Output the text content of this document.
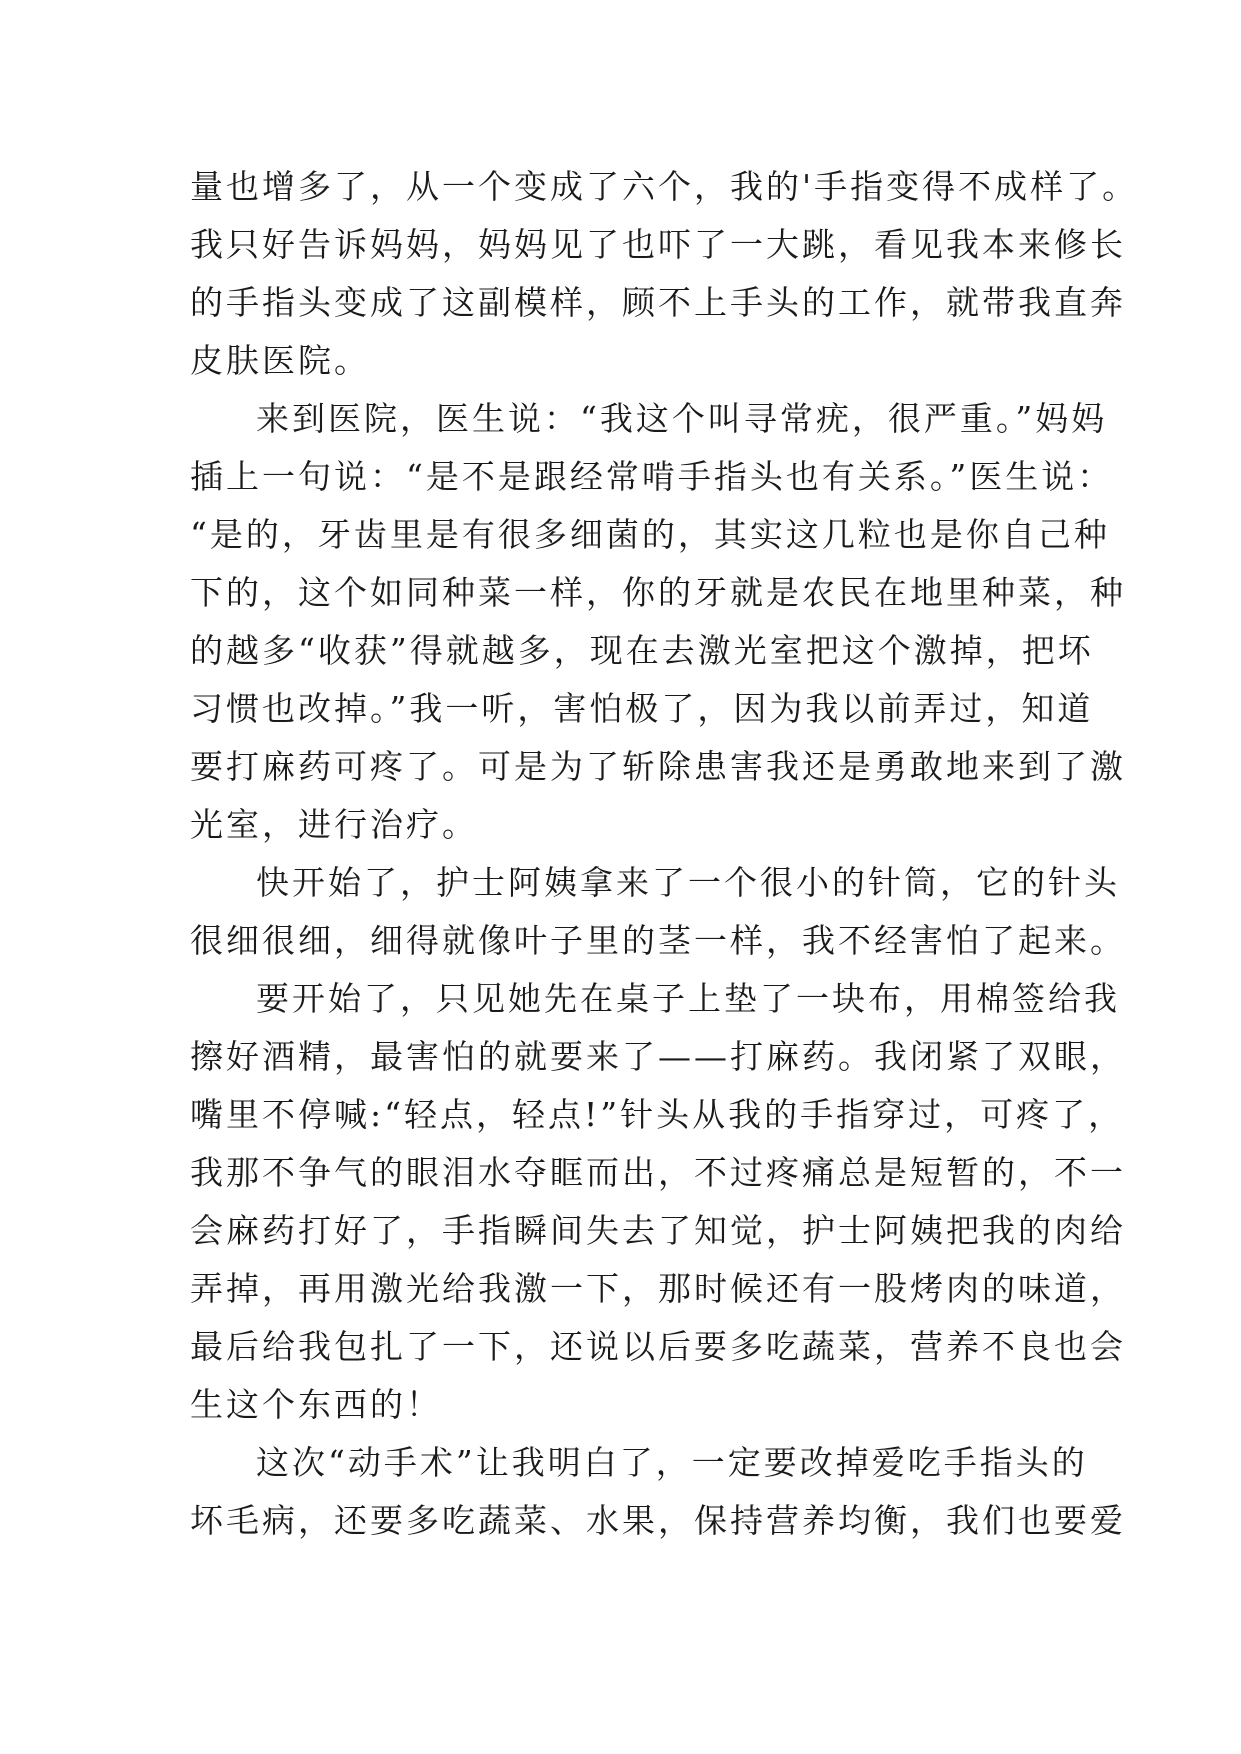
量也增多了，从一个变成了六个，我的'手指变得不成样了。
我只好告诉妈妈，妈妈见了也吓了一大跳，看见我本来修长
的手指头变成了这副模样，顾不上手头的工作，就带我直奔
皮肤医院。
来到医院，医生说：“我这个叫寻常疣，很严重。”妈妈
插上一句说：“是不是跟经常啃手指头也有关系。”医生说：
“是的，牙齿里是有很多细菌的，其实这几粒也是你自己种
下的，这个如同种菜一样，你的牙就是农民在地里种菜，种
的越多“收获”得就越多，现在去激光室把这个激掉，把坏
习惯也改掉。”我一听，害怕极了，因为我以前弄过，知道
要打麻药可疼了。可是为了斩除患害我还是勇敢地来到了激
光室，进行治疗。
快开始了，护士阿姨拿来了一个很小的针筒，它的针头
很细很细，细得就像叶子里的茎一样，我不经害怕了起来。
要开始了，只见她先在桌子上垫了一块布，用棉签给我
擦好酒精，最害怕的就要来了——打麻药。我闭紧了双眼，
嘴里不停喊:“轻点，轻点!”针头从我的手指穿过，可疼了，
我那不争气的眼泪水夺眶而出，不过疼痛总是短暂的，不一
会麻药打好了，手指瞬间失去了知觉，护士阿姨把我的肉给
弄掉，再用激光给我激一下，那时候还有一股烤肉的味道，
最后给我包扎了一下，还说以后要多吃蔬菜，营养不良也会
生这个东西的！
这次“动手术”让我明白了，一定要改掉爱吃手指头的
坏毛病，还要多吃蔬菜、水果，保持营养均衡，我们也要爱
